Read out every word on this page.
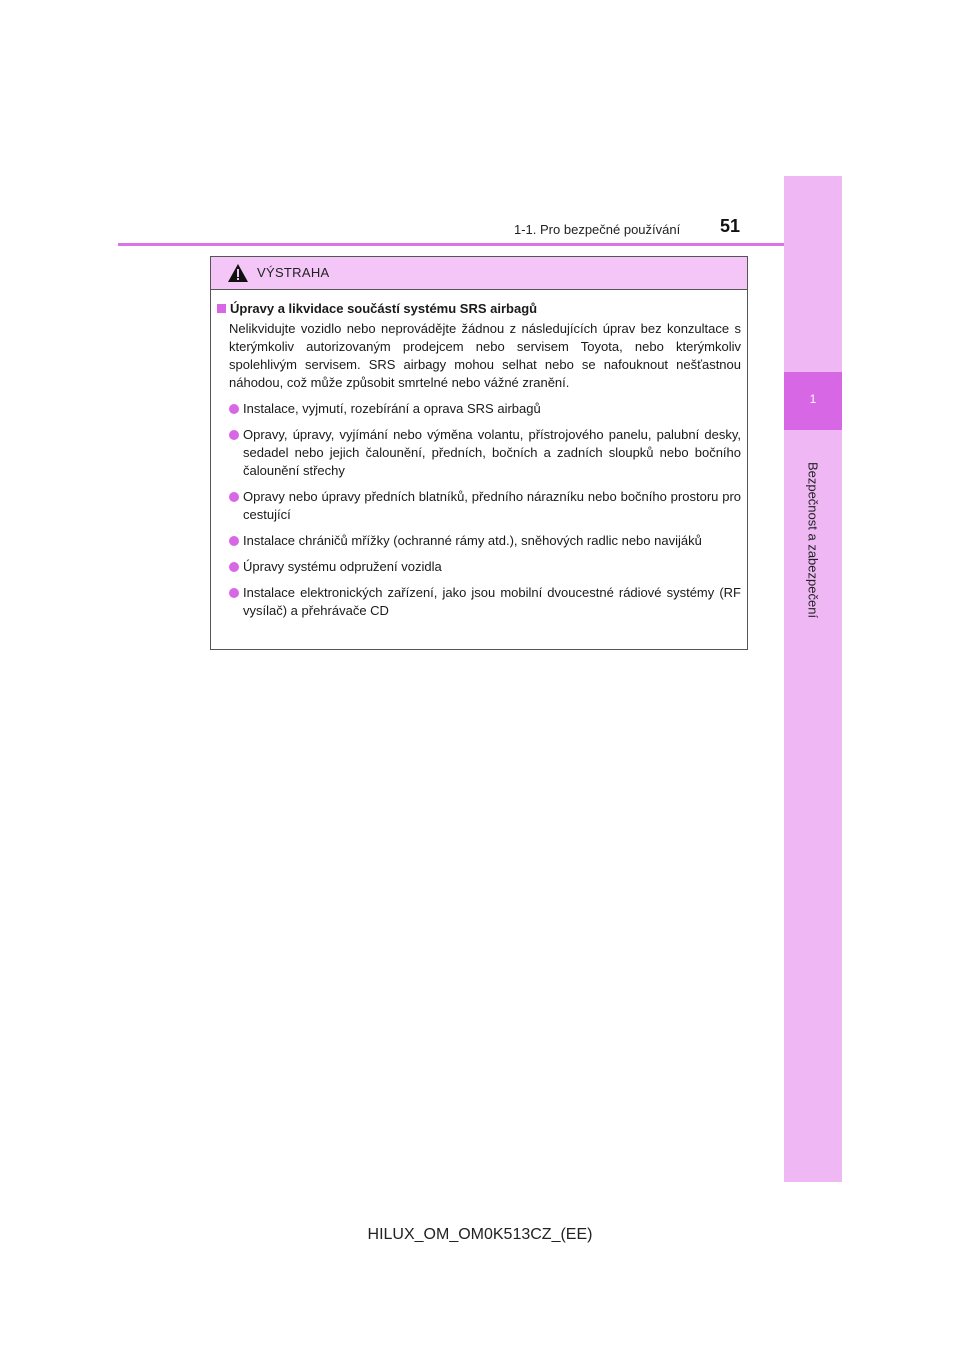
1
Bezpečnost a zabezpečení
1-1. Pro bezpečné používání 51
VÝSTRAHA
Úpravy a likvidace součástí systému SRS airbagů
Nelikvidujte vozidlo nebo neprovádějte žádnou z následujících úprav bez konzultace s kterýmkoliv autorizovaným prodejcem nebo servisem Toyota, nebo kterýmkoliv spolehlivým servisem. SRS airbagy mohou selhat nebo se nafouknout nešťastnou náhodou, což může způsobit smrtelné nebo vážné zranění.
Instalace, vyjmutí, rozebírání a oprava SRS airbagů
Opravy, úpravy, vyjímání nebo výměna volantu, přístrojového panelu, palubní desky, sedadel nebo jejich čalounění, předních, bočních a zadních sloupků nebo bočního čalounění střechy
Opravy nebo úpravy předních blatníků, předního nárazníku nebo bočního prostoru pro cestující
Instalace chráničů mřížky (ochranné rámy atd.), sněhových radlic nebo navijáků
Úpravy systému odpružení vozidla
Instalace elektronických zařízení, jako jsou mobilní dvoucestné rádiové systémy (RF vysílač) a přehrávače CD
HILUX_OM_OM0K513CZ_(EE)
